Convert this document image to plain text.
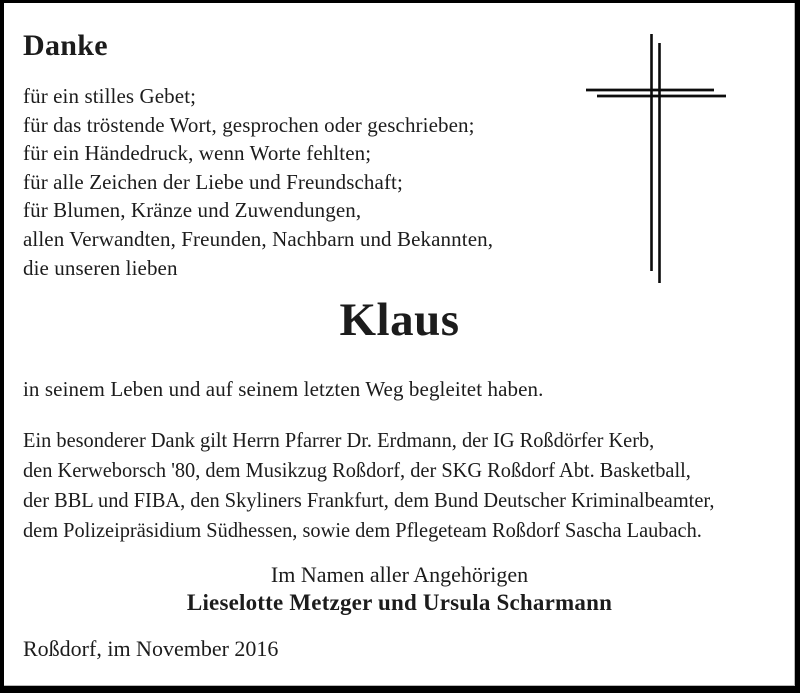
Danke
für ein stilles Gebet;
für das tröstende Wort, gesprochen oder geschrieben;
für ein Händedruck, wenn Worte fehlten;
für alle Zeichen der Liebe und Freundschaft;
für Blumen, Kränze und Zuwendungen,
allen Verwandten, Freunden, Nachbarn und Bekannten,
die unseren lieben
Klaus
in seinem Leben und auf seinem letzten Weg begleitet haben.
Ein besonderer Dank gilt Herrn Pfarrer Dr. Erdmann, der IG Roßdörfer Kerb,
den Kerweborsch '80, dem Musikzug Roßdorf, der SKG Roßdorf Abt. Basketball,
der BBL und FIBA, den Skyliners Frankfurt, dem Bund Deutscher Kriminalbeamter,
dem Polizeipräsidium Südhessen, sowie dem Pflegeteam Roßdorf Sascha Laubach.
Im Namen aller Angehörigen
Lieselotte Metzger und Ursula Scharmann
Roßdorf, im November 2016
